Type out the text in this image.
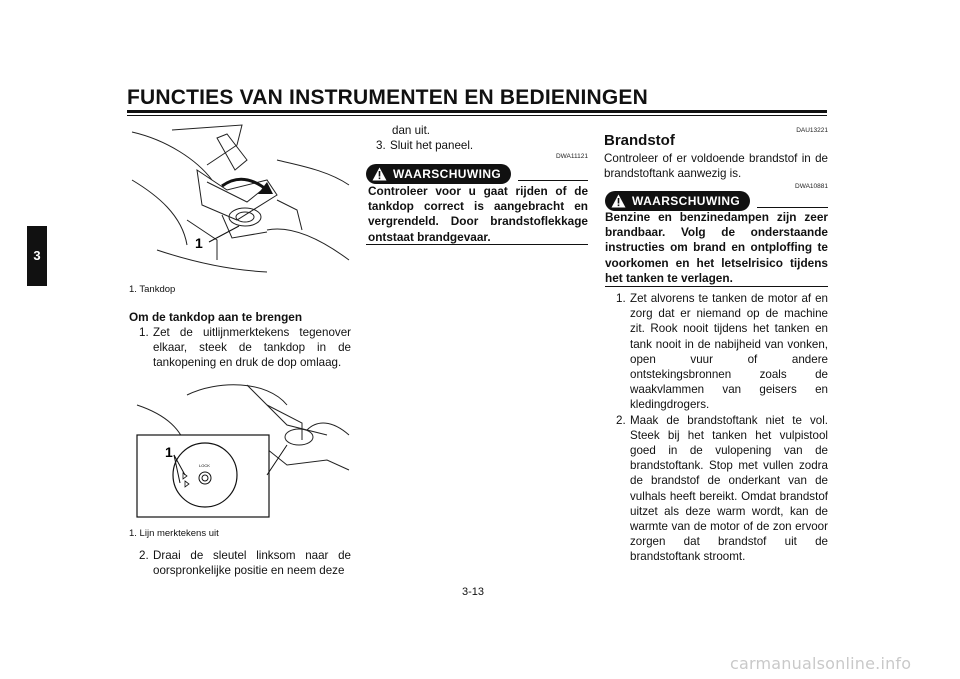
FUNCTIES VAN INSTRUMENTEN EN BEDIENINGEN
3
1
1. Tankdop
Om de tankdop aan te brengen
1. Zet de uitlijnmerktekens tegenover elkaar, steek de tankdop in de tankopening en druk de dop omlaag.
LOCK
1
1. Lijn merktekens uit
2. Draai de sleutel linksom naar de oorspronkelijke positie en neem deze
dan uit.
3. Sluit het paneel.
DWA11121
WAARSCHUWING
Controleer voor u gaat rijden of de tankdop correct is aangebracht en vergrendeld. Door brandstoflekkage ontstaat brandgevaar.
DAU13221
Brandstof
Controleer of er voldoende brandstof in de brandstoftank aanwezig is.
DWA10881
WAARSCHUWING
Benzine en benzinedampen zijn zeer brandbaar. Volg de onderstaande instructies om brand en ontploffing te voorkomen en het letselrisico tijdens het tanken te verlagen.
1. Zet alvorens te tanken de motor af en zorg dat er niemand op de machine zit. Rook nooit tijdens het tanken en tank nooit in de nabijheid van vonken, open vuur of andere ontstekingsbronnen zoals de waakvlammen van geisers en kledingdrogers.
2. Maak de brandstoftank niet te vol. Steek bij het tanken het vulpistool goed in de vulopening van de brandstoftank. Stop met vullen zodra de brandstof de onderkant van de vulhals heeft bereikt. Omdat brandstof uitzet als deze warm wordt, kan de warmte van de motor of de zon ervoor zorgen dat brandstof uit de brandstoftank stroomt.
3-13
carmanualsonline.info
